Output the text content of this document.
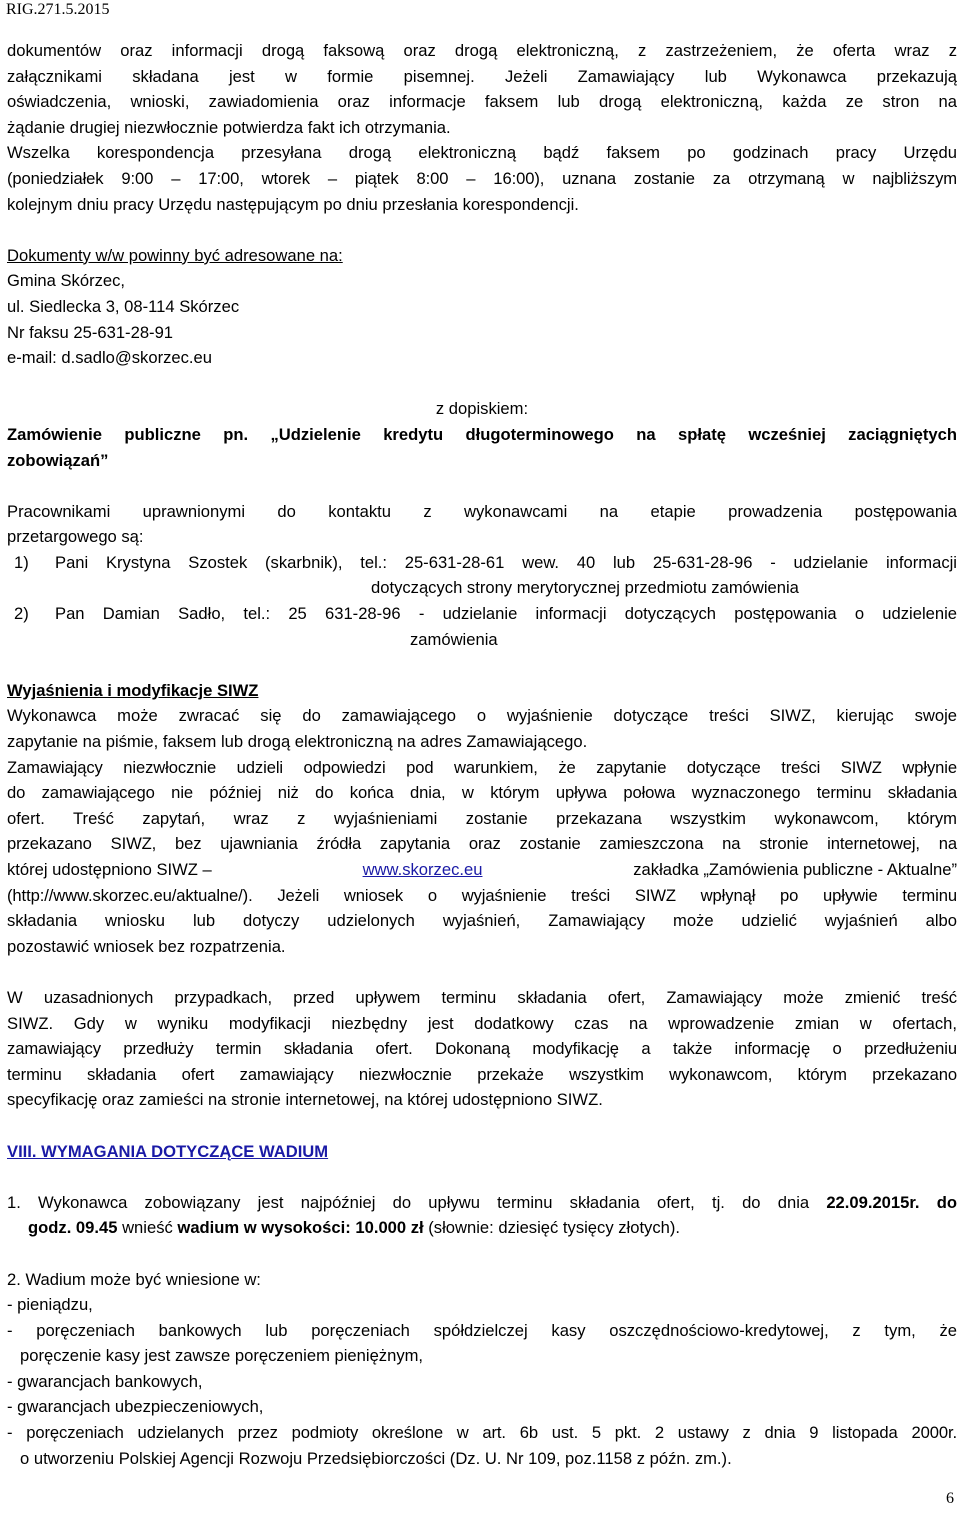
RIG.271.5.2015

dokumentów oraz informacji drogą faksową oraz drogą elektroniczną, z zastrzeżeniem, że oferta wraz z

załącznikami składana jest w formie pisemnej. Jeżeli Zamawiający lub Wykonawca przekazują

oświadczenia, wnioski, zawiadomienia oraz informacje faksem lub drogą elektroniczną, każda ze stron na

żądanie drugiej niezwłocznie potwierdza fakt ich otrzymania.

Wszelka korespondencja przesyłana drogą elektroniczną bądź faksem po godzinach pracy Urzędu

(poniedziałek 9:00 – 17:00, wtorek – piątek 8:00 – 16:00), uznana zostanie za otrzymaną w najbliższym

kolejnym dniu pracy Urzędu następującym po dniu przesłania korespondencji.

Dokumenty w/w powinny być adresowane na:

Gmina Skórzec,

ul. Siedlecka 3, 08-114 Skórzec

Nr faksu 25-631-28-91

e-mail: d.sadlo@skorzec.eu

z dopiskiem:

Zamówienie publiczne pn. „Udzielenie kredytu długoterminowego na spłatę wcześniej zaciągniętych

zobowiązań”

Pracownikami uprawnionymi do kontaktu z wykonawcami na etapie prowadzenia postępowania

przetargowego są:

1)	Pani Krystyna Szostek (skarbnik), tel.: 25-631-28-61 wew. 40 lub 25-631-28-96 - udzielanie informacji

dotyczących strony merytorycznej przedmiotu zamówienia

2)	Pan Damian Sadło, tel.: 25 631-28-96 - udzielanie informacji dotyczących postępowania o udzielenie

zamówienia

Wyjaśnienia i modyfikacje SIWZ

Wykonawca może zwracać się do zamawiającego o wyjaśnienie dotyczące treści SIWZ, kierując swoje

zapytanie na piśmie, faksem lub drogą elektroniczną na adres Zamawiającego.

Zamawiający niezwłocznie udzieli odpowiedzi pod warunkiem, że zapytanie dotyczące treści SIWZ wpłynie

do zamawiającego nie później niż do końca dnia, w którym upływa połowa wyznaczonego terminu składania

ofert. Treść zapytań, wraz z wyjaśnieniami zostanie przekazana wszystkim wykonawcom, którym

przekazano SIWZ, bez ujawniania źródła zapytania oraz zostanie zamieszczona na stronie internetowej, na

której udostępniono SIWZ –	www.skorzec.eu	zakładka „Zamówienia publiczne - Aktualne”

(http://www.skorzec.eu/aktualne/). Jeżeli wniosek o wyjaśnienie treści SIWZ wpłynął po upływie terminu

składania wniosku lub dotyczy udzielonych wyjaśnień, Zamawiający może udzielić wyjaśnień albo

pozostawić wniosek bez rozpatrzenia.

W uzasadnionych przypadkach, przed upływem terminu składania ofert, Zamawiający może zmienić treść

SIWZ. Gdy w wyniku modyfikacji niezbędny jest dodatkowy czas na wprowadzenie zmian w ofertach,

zamawiający przedłuży termin składania ofert. Dokonaną modyfikację a także informację o przedłużeniu

terminu składania ofert zamawiający niezwłocznie przekaże wszystkim wykonawcom, którym przekazano

specyfikację oraz zamieści na stronie internetowej, na której udostępniono SIWZ.

VIII. WYMAGANIA DOTYCZĄCE WADIUM

1. Wykonawca zobowiązany jest najpóźniej do upływu terminu składania ofert, tj. do dnia 22.09.2015r. do

godz. 09.45 wnieść wadium w wysokości: 10.000 zł (słownie: dziesięć tysięcy złotych).

2. Wadium może być wniesione w:

- pieniądzu,

- poręczeniach bankowych lub poręczeniach spółdzielczej kasy oszczędnościowo-kredytowej, z tym, że

poręczenie kasy jest zawsze poręczeniem pieniężnym,

- gwarancjach bankowych,

- gwarancjach ubezpieczeniowych,

- poręczeniach udzielanych przez podmioty określone w art. 6b ust. 5 pkt. 2 ustawy z dnia 9 listopada 2000r.

o utworzeniu Polskiej Agencji Rozwoju Przedsiębiorczości (Dz. U. Nr 109, poz.1158 z późn. zm.).

6
